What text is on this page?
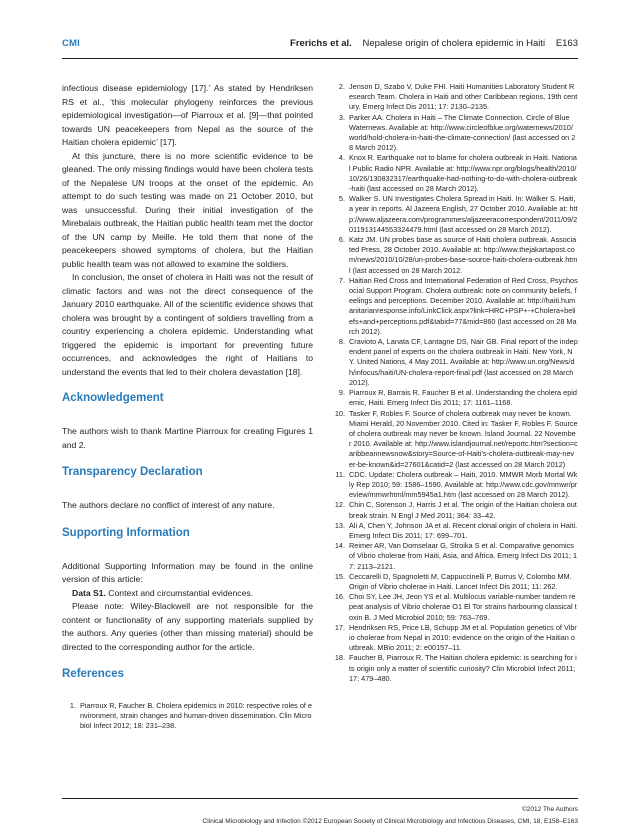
CMI	Frerichs et al. Nepalese origin of cholera epidemic in Haiti E163

infectious disease epidemiology [17].’ As stated by Hendriksen RS et al., ‘this molecular phylogeny reinforces the previous epidemiological investigation—of Piarroux et al. [9]—that pointed towards UN peacekeepers from Nepal as the source of the Haitian cholera epidemic’ [17].

At this juncture, there is no more scientific evidence to be gleaned. The only missing findings would have been cholera tests of the Nepalese UN troops at the onset of the epidemic. An attempt to do such testing was made on 21 October 2010, but was unsuccessful. During their initial investigation of the Mirebalais outbreak, the Haitian public health team met the doctor of the UN camp by Meille. He told them that none of the peacekeepers showed symptoms of cholera, but the Haitian public health team was not allowed to examine the soldiers.

In conclusion, the onset of cholera in Haiti was not the result of climatic factors and was not the direct consequence of the January 2010 earthquake. All of the scientific evidence shows that cholera was brought by a contingent of soldiers travelling from a country experiencing a cholera epidemic. Understanding what triggered the epidemic is important for preventing future occurrences, and acknowledges the right of Haitians to understand the events that led to their cholera devastation [18].

Acknowledgement

The authors wish to thank Martine Piarroux for creating Figures 1 and 2.

Transparency Declaration

The authors declare no conflict of interest of any nature.

Supporting Information

Additional Supporting Information may be found in the online version of this article:

Data S1. Context and circumstantial evidences.

Please note: Wiley-Blackwell are not responsible for the content or functionality of any supporting materials supplied by the authors. Any queries (other than missing material) should be directed to the corresponding author for the article.

References
1. Piarroux R, Faucher B. Cholera epidemics in 2010: respective roles of environment, strain changes and human-driven dissemination. Clin Microbiol Infect 2012; 18: 231–238.
2. Jenson D, Szabo V, Duke FHI. Haiti Humanities Laboratory Student Research Team. Cholera in Haiti and other Caribbean regions, 19th century. Emerg Infect Dis 2011; 17: 2130–2135.
3. Parker AA. Cholera in Haiti – The Climate Connection. Circle of Blue Waternews. Available at: http://www.circleofblue.org/waternews/2010/world/hold-cholera-in-haiti-the-climate-connection/ (last accessed on 28 March 2012).
4. Knox R. Earthquake not to blame for cholera outbreak in Haiti. National Public Radio NPR. Available at: http://www.npr.org/blogs/health/2010/10/26/130832317/earthquake-had-nothing-to-do-with-cholera-outbreak-haiti (last accessed on 28 March 2012).
5. Walker S. UN Investigates Cholera Spread in Haiti. In: Walker S. Haiti, a year in reports. Al Jazeera English, 27 October 2010. Available at: http://www.aljazeera.com/programmes/aljazeeracorrespondent/2011/09/2011913144553324479.html (last accessed on 28 March 2012).
6. Katz JM. UN probes base as source of Haiti cholera outbreak. Associated Press, 28 October 2010. Available at: http://www.thejakartapost.com/news/2010/10/28/un-probes-base-source-haiti-cholera-outbreak.html (last accessed on 28 March 2012.
7. Haitian Red Cross and International Federation of Red Cross, Psychosocial Support Program. Cholera outbreak: note on community beliefs, feelings and perceptions. December 2010. Available at: http://haiti.humanitarianresponse.info/LinkClick.aspx?link=HRC+PSP+-+Cholera+beliefs+and+perceptions.pdf&tabid=77&mid=860 (last accessed on 28 March 2012).
8. Cravioto A, Lanata CF, Lantagne DS, Nair GB. Final report of the independent panel of experts on the cholera outbreak in Haiti. New York, NY. United Nations, 4 May 2011. Available at: http://www.un.org/News/dh/infocus/haiti/UN-cholera-report-final.pdf (last accessed on 28 March 2012).
9. Piarroux R, Barrais R, Faucher B et al. Understanding the cholera epidemic, Haiti. Emerg Infect Dis 2011; 17: 1161–1168.
10. Tasker F, Robles F. Source of cholera outbreak may never be known. Miami Herald, 20 November 2010. Cited in: Tasker F, Robles F. Source of cholera outbreak may never be known. Island Journal. 22 November 2010. Available at: http://www.islandjournal.net/reportc.htm?section=caribbeannewsnow&story=Source-of-Haiti’s-cholera-outbreak-may-never-be-known&id=27601&catid=2 (last accessed on 28 March 2012)
11. CDC. Update: Cholera outbreak – Haiti, 2010. MMWR Morb Mortal Wkly Rep 2010; 59: 1586–1590. Available at: http://www.cdc.gov/mmwr/preview/mmwrhtml/mm5945a1.htm (last accessed on 28 March 2012).
12. Chin C, Sorenson J, Harris J et al. The origin of the Haitian cholera outbreak strain. N Engl J Med 2011; 364: 33–42.
13. Ali A, Chen Y, Johnson JA et al. Recent clonal origin of cholera in Haiti. Emerg Infect Dis 2011; 17: 699–701.
14. Reimer AR, Van Domselaar G, Stroika S et al. Comparative genomics of Vibrio cholerae from Haiti, Asia, and Africa. Emerg Infect Dis 2011; 17: 2113–2121.
15. Ceccarelli D, Spagnoletti M, Cappuccinelli P, Burrus V, Colombo MM. Origin of Vibrio cholerae in Haiti. Lancet Infect Dis 2011; 11: 262.
16. Choi SY, Lee JH, Jeon YS et al. Multilocus variable-number tandem repeat analysis of Vibrio cholerae O1 El Tor strains harbouring classical toxin B. J Med Microbiol 2010; 59: 763–769.
17. Hendriksen RS, Price LB, Schupp JM et al. Population genetics of Vibrio cholerae from Nepal in 2010: evidence on the origin of the Haitian outbreak. MBio 2011; 2: e00157–11.
18. Faucher B, Piarroux R. The Haitian cholera epidemic: is searching for its origin only a matter of scientific curiosity? Clin Microbiol Infect 2011; 17: 479–480.
©2012 The Authors
Clinical Microbiology and Infection ©2012 European Society of Clinical Microbiology and Infectious Diseases, CMI, 18, E158–E163
